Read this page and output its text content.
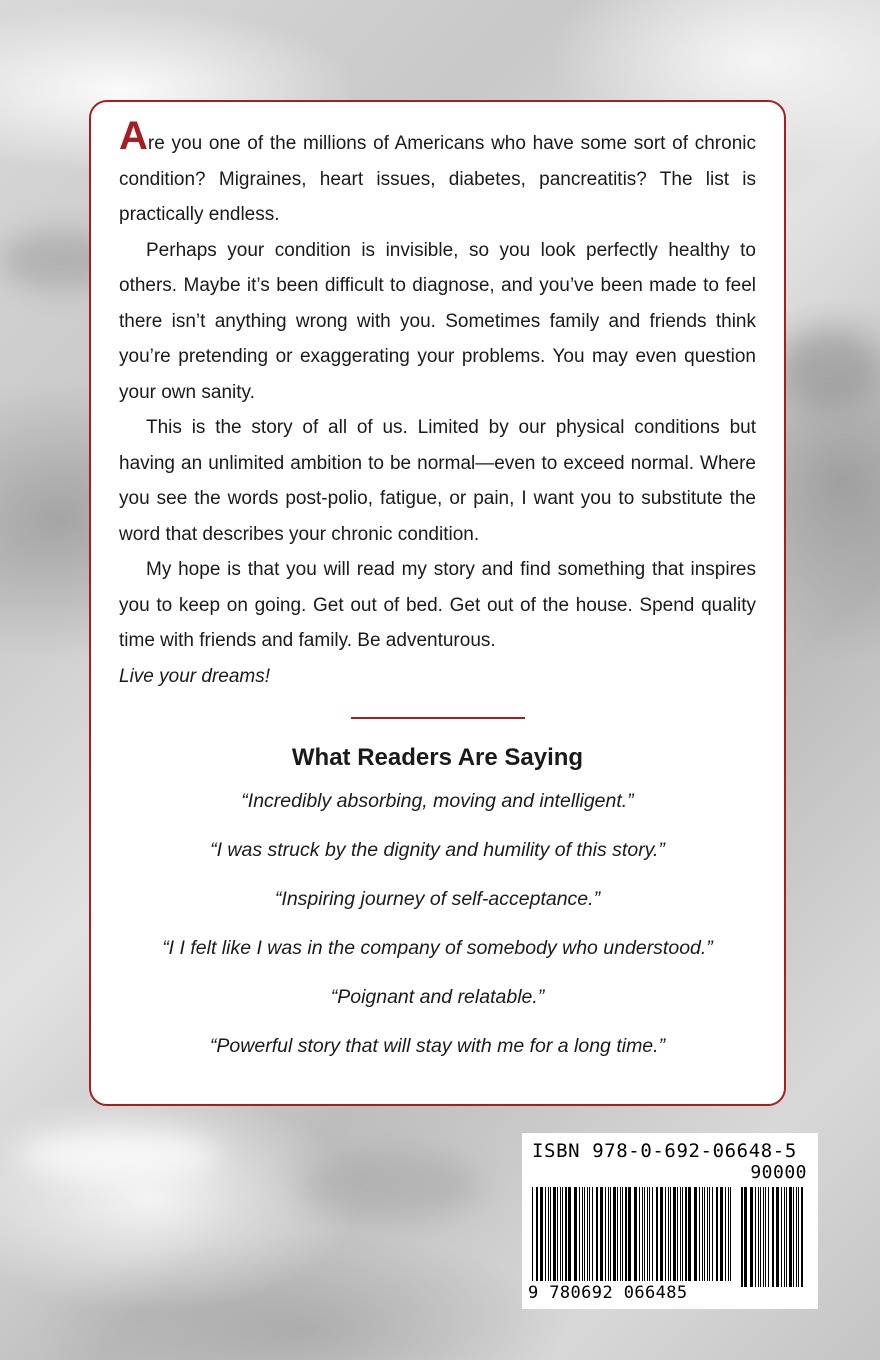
Are you one of the millions of Americans who have some sort of chronic condition? Migraines, heart issues, diabetes, pancreatitis? The list is practically endless.

Perhaps your condition is invisible, so you look perfectly healthy to others. Maybe it’s been difficult to diagnose, and you’ve been made to feel there isn’t anything wrong with you. Sometimes family and friends think you’re pretending or exaggerating your problems. You may even question your own sanity.

This is the story of all of us. Limited by our physical conditions but having an unlimited ambition to be normal—even to exceed normal. Where you see the words post-polio, fatigue, or pain, I want you to substitute the word that describes your chronic condition.

My hope is that you will read my story and find something that inspires you to keep on going. Get out of bed. Get out of the house. Spend quality time with friends and family. Be adventurous.
Live your dreams!

What Readers Are Saying
“Incredibly absorbing, moving and intelligent.”
“I was struck by the dignity and humility of this story.”
“Inspiring journey of self-acceptance.”
“I I felt like I was in the company of somebody who understood.”
“Poignant and relatable.”
“Powerful story that will stay with me for a long time.”
ISBN 978-0-692-06648-5
90000
9 780692 066485
